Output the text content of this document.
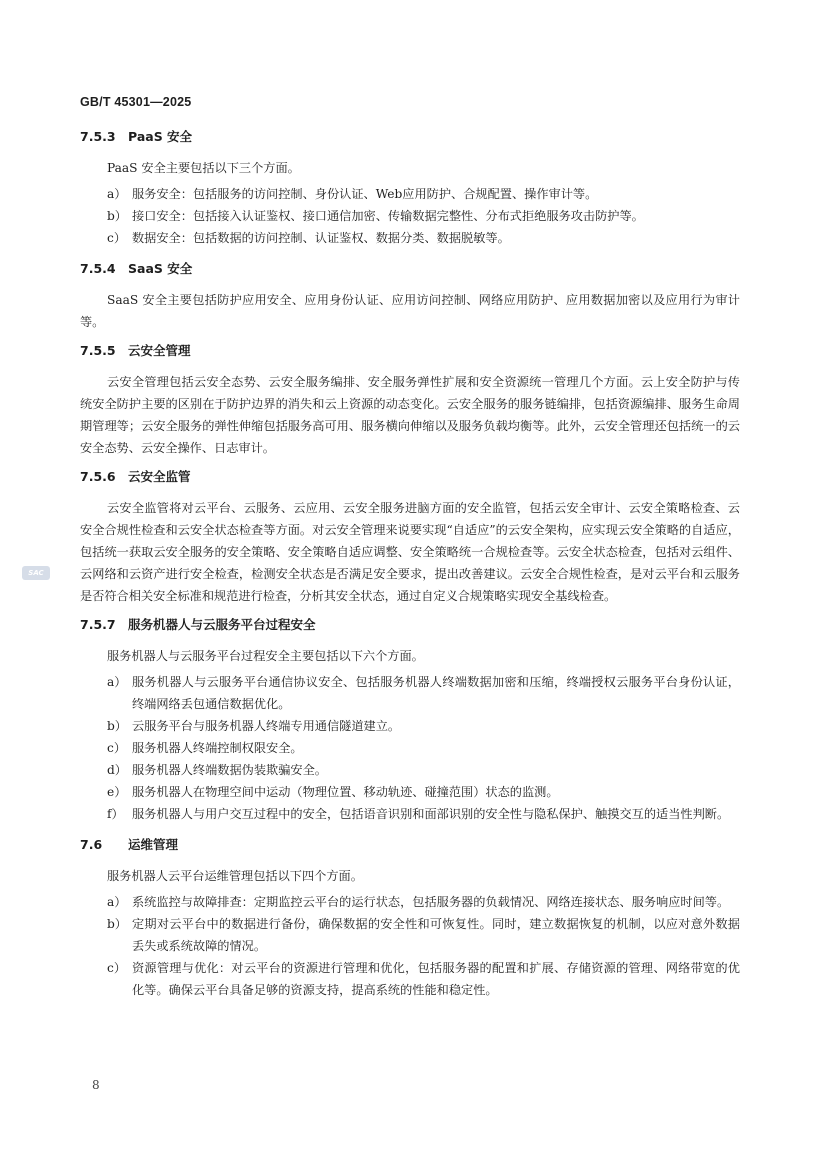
GB/T 45301—2025
SAC
7.5.3 PaaS 安全

PaaS 安全主要包括以下三个方面。

a） 服务安全：包括服务的访问控制、身份认证、Web应用防护、合规配置、操作审计等。
b） 接口安全：包括接入认证鉴权、接口通信加密、传输数据完整性、分布式拒绝服务攻击防护等。
c） 数据安全：包括数据的访问控制、认证鉴权、数据分类、数据脱敏等。
7.5.4 SaaS 安全

SaaS 安全主要包括防护应用安全、应用身份认证、应用访问控制、网络应用防护、应用数据加密以及应用行为审计等。

7.5.5 云安全管理

云安全管理包括云安全态势、云安全服务编排、安全服务弹性扩展和安全资源统一管理几个方面。云上安全防护与传统安全防护主要的区别在于防护边界的消失和云上资源的动态变化。云安全服务的服务链编排，包括资源编排、服务生命周期管理等；云安全服务的弹性伸缩包括服务高可用、服务横向伸缩以及服务负载均衡等。此外，云安全管理还包括统一的云安全态势、云安全操作、日志审计。

7.5.6 云安全监管

云安全监管将对云平台、云服务、云应用、云安全服务进脑方面的安全监管，包括云安全审计、云安全策略检查、云安全合规性检查和云安全状态检查等方面。对云安全管理来说要实现“自适应”的云安全架构，应实现云安全策略的自适应，包括统一获取云安全服务的安全策略、安全策略自适应调整、安全策略统一合规检查等。云安全状态检查，包括对云组件、云网络和云资产进行安全检查，检测安全状态是否满足安全要求，提出改善建议。云安全合规性检查，是对云平台和云服务是否符合相关安全标准和规范进行检查，分析其安全状态，通过自定义合规策略实现安全基线检查。

7.5.7 服务机器人与云服务平台过程安全

服务机器人与云服务平台过程安全主要包括以下六个方面。

a） 服务机器人与云服务平台通信协议安全、包括服务机器人终端数据加密和压缩，终端授权云服务平台身份认证，终端网络丢包通信数据优化。
b） 云服务平台与服务机器人终端专用通信隧道建立。
c） 服务机器人终端控制权限安全。
d） 服务机器人终端数据伪装欺骗安全。
e） 服务机器人在物理空间中运动（物理位置、移动轨迹、碰撞范围）状态的监测。
f） 服务机器人与用户交互过程中的安全，包括语音识别和面部识别的安全性与隐私保护、触摸交互的适当性判断。
7.6 运维管理

服务机器人云平台运维管理包括以下四个方面。

a） 系统监控与故障排查：定期监控云平台的运行状态，包括服务器的负载情况、网络连接状态、服务响应时间等。
b） 定期对云平台中的数据进行备份，确保数据的安全性和可恢复性。同时，建立数据恢复的机制，以应对意外数据丢失或系统故障的情况。
c） 资源管理与优化：对云平台的资源进行管理和优化，包括服务器的配置和扩展、存储资源的管理、网络带宽的优化等。确保云平台具备足够的资源支持，提高系统的性能和稳定性。
8
